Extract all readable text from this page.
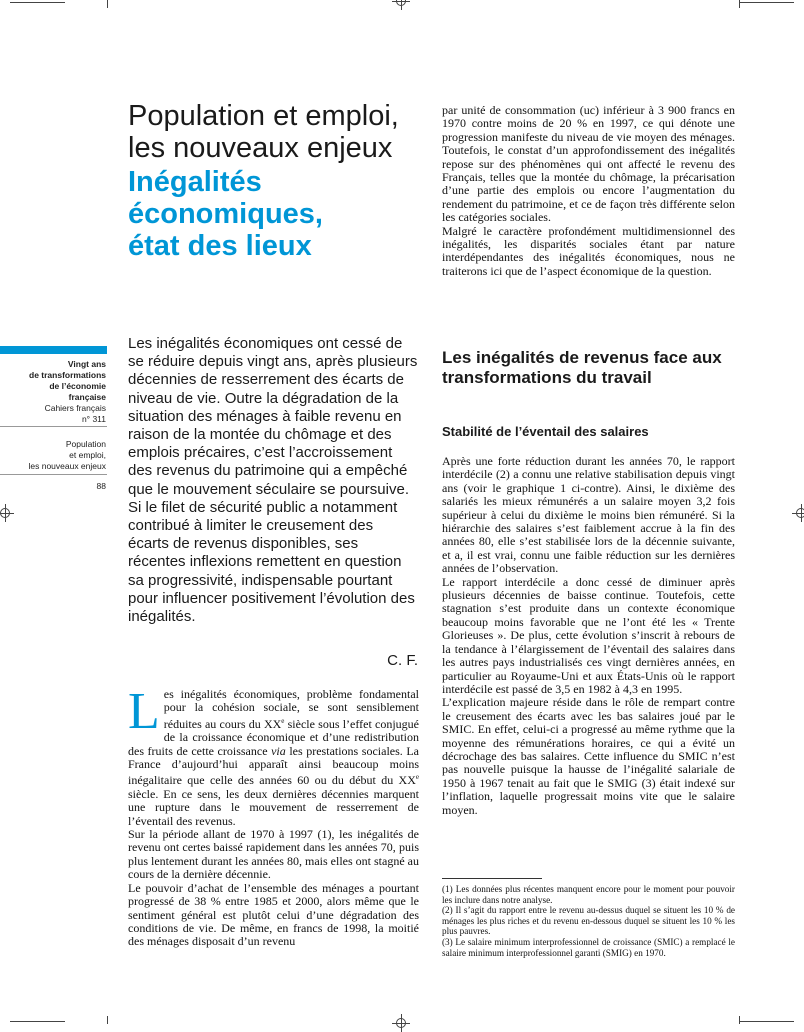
Population et emploi,
les nouveaux enjeux
Inégalités
économiques,
état des lieux

par unité de consommation (uc) inférieur à 3 900 francs en 1970 contre moins de 20 % en 1997, ce qui dénote une progression manifeste du niveau de vie moyen des ménages. Toutefois, le constat d’un approfondissement des inégalités repose sur des phénomènes qui ont affecté le revenu des Français, telles que la montée du chômage, la précarisation d’une partie des emplois ou encore l’augmentation du rendement du patrimoine, et ce de façon très différente selon les catégories sociales.

Malgré le caractère profondément multidimensionnel des inégalités, les disparités sociales étant par nature interdépendantes des inégalités économiques, nous ne traiterons ici que de l’aspect économique de la question.

Vingt ans
de transformations
de l’économie
française
Cahiers français
n° 311
Population
et emploi,
les nouveaux enjeux
88
Les inégalités économiques ont cessé de se réduire depuis vingt ans, après plusieurs décennies de resserrement des écarts de niveau de vie. Outre la dégradation de la situation des ménages à faible revenu en raison de la montée du chômage et des emplois précaires, c’est l’accroissement des revenus du patrimoine qui a empêché que le mouvement séculaire se poursuive. Si le filet de sécurité public a notamment contribué à limiter le creusement des écarts de revenus disponibles, ses récentes inflexions remettent en question sa progressivité, indispensable pourtant pour influencer positivement l’évolution des inégalités.
C. F.

Les inégalités économiques, problème fondamental pour la cohésion sociale, se sont sensiblement réduites au cours du XXe siècle sous l’effet conjugué de la croissance économique et d’une redistribution des fruits de cette croissance via les prestations sociales. La France d’aujourd’hui apparaît ainsi beaucoup moins inégalitaire que celle des années 60 ou du début du XXe siècle. En ce sens, les deux dernières décennies marquent une rupture dans le mouvement de resserrement de l’éventail des revenus.

Sur la période allant de 1970 à 1997 (1), les inégalités de revenu ont certes baissé rapidement dans les années 70, puis plus lentement durant les années 80, mais elles ont stagné au cours de la dernière décennie.

Le pouvoir d’achat de l’ensemble des ménages a pourtant progressé de 38 % entre 1985 et 2000, alors même que le sentiment général est plutôt celui d’une dégradation des conditions de vie. De même, en francs de 1998, la moitié des ménages disposait d’un revenu

Les inégalités de revenus face aux transformations du travail
Stabilité de l’éventail des salaires

Après une forte réduction durant les années 70, le rapport interdécile (2) a connu une relative stabilisation depuis vingt ans (voir le graphique 1 ci-contre). Ainsi, le dixième des salariés les mieux rémunérés a un salaire moyen 3,2 fois supérieur à celui du dixième le moins bien rémunéré. Si la hiérarchie des salaires s’est faiblement accrue à la fin des années 80, elle s’est stabilisée lors de la décennie suivante, et a, il est vrai, connu une faible réduction sur les dernières années de l’observation.

Le rapport interdécile a donc cessé de diminuer après plusieurs décennies de baisse continue. Toutefois, cette stagnation s’est produite dans un contexte économique beaucoup moins favorable que ne l’ont été les « Trente Glorieuses ». De plus, cette évolution s’inscrit à rebours de la tendance à l’élargissement de l’éventail des salaires dans les autres pays industrialisés ces vingt dernières années, en particulier au Royaume-Uni et aux États-Unis où le rapport interdécile est passé de 3,5 en 1982 à 4,3 en 1995.

L’explication majeure réside dans le rôle de rempart contre le creusement des écarts avec les bas salaires joué par le SMIC. En effet, celui-ci a progressé au même rythme que la moyenne des rémunérations horaires, ce qui a évité un décrochage des bas salaires. Cette influence du SMIC n’est pas nouvelle puisque la hausse de l’inégalité salariale de 1950 à 1967 tenait au fait que le SMIG (3) était indexé sur l’inflation, laquelle progressait moins vite que le salaire moyen.

(1) Les données plus récentes manquent encore pour le moment pour pouvoir les inclure dans notre analyse.

(2) Il s’agit du rapport entre le revenu au-dessus duquel se situent les 10 % de ménages les plus riches et du revenu en-dessous duquel se situent les 10 % les plus pauvres.

(3) Le salaire minimum interprofessionnel de croissance (SMIC) a remplacé le salaire minimum interprofessionnel garanti (SMIG) en 1970.
